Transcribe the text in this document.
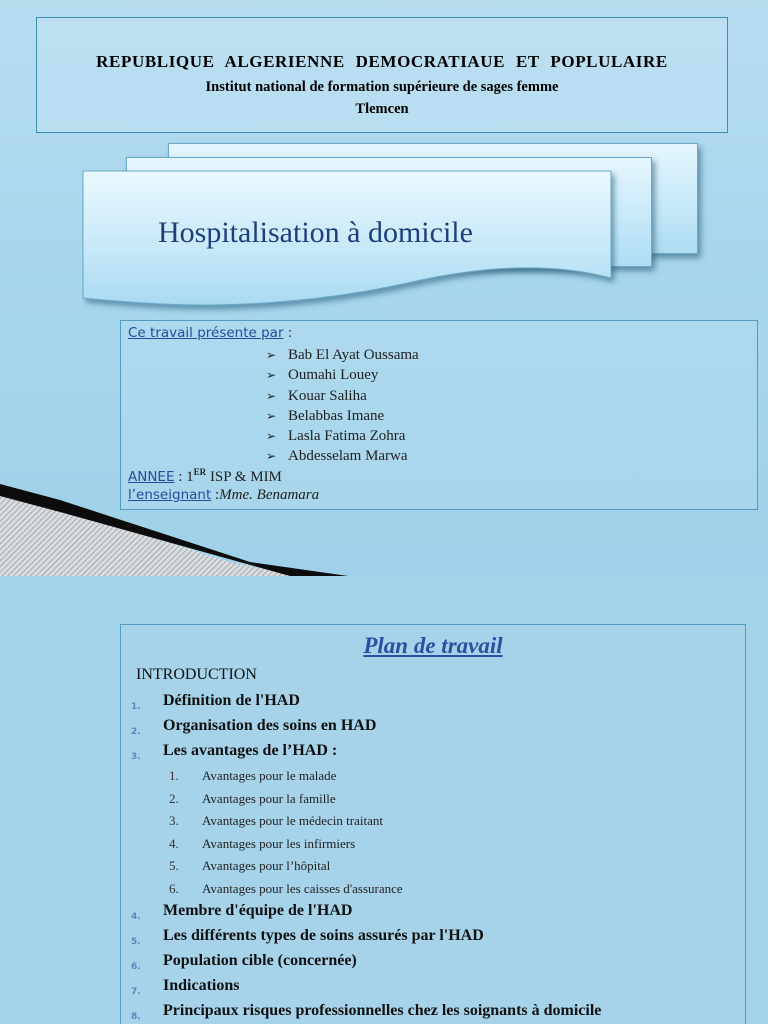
REPUBLIQUE ALGERIENNE DEMOCRATIAUE ET POPLULAIRE
Institut national de formation supérieure de sages femme
Tlemcen
Hospitalisation à domicile
Ce travail présente par :
➢ Bab El Ayat Oussama
➢ Oumahi Louey
➢ Kouar Saliha
➢ Belabbas Imane
➢ Lasla Fatima Zohra
➢ Abdesselam Marwa
ANNEE : 1ER ISP & MIM
l’enseignant :Mme. Benamara
Plan de travail
INTRODUCTION
1. Définition de l'HAD
2. Organisation des soins en HAD
3. Les avantages de l’HAD :
1. Avantages pour le malade
2. Avantages pour la famille
3. Avantages pour le médecin traitant
4. Avantages pour les infirmiers
5. Avantages pour l’hôpital
6. Avantages pour les caisses d'assurance
4. Membre d'équipe de l'HAD
5. Les différents types de soins assurés par l'HAD
6. Population cible (concernée)
7. Indications
8. Principaux risques professionnelles chez les soignants à domicile
